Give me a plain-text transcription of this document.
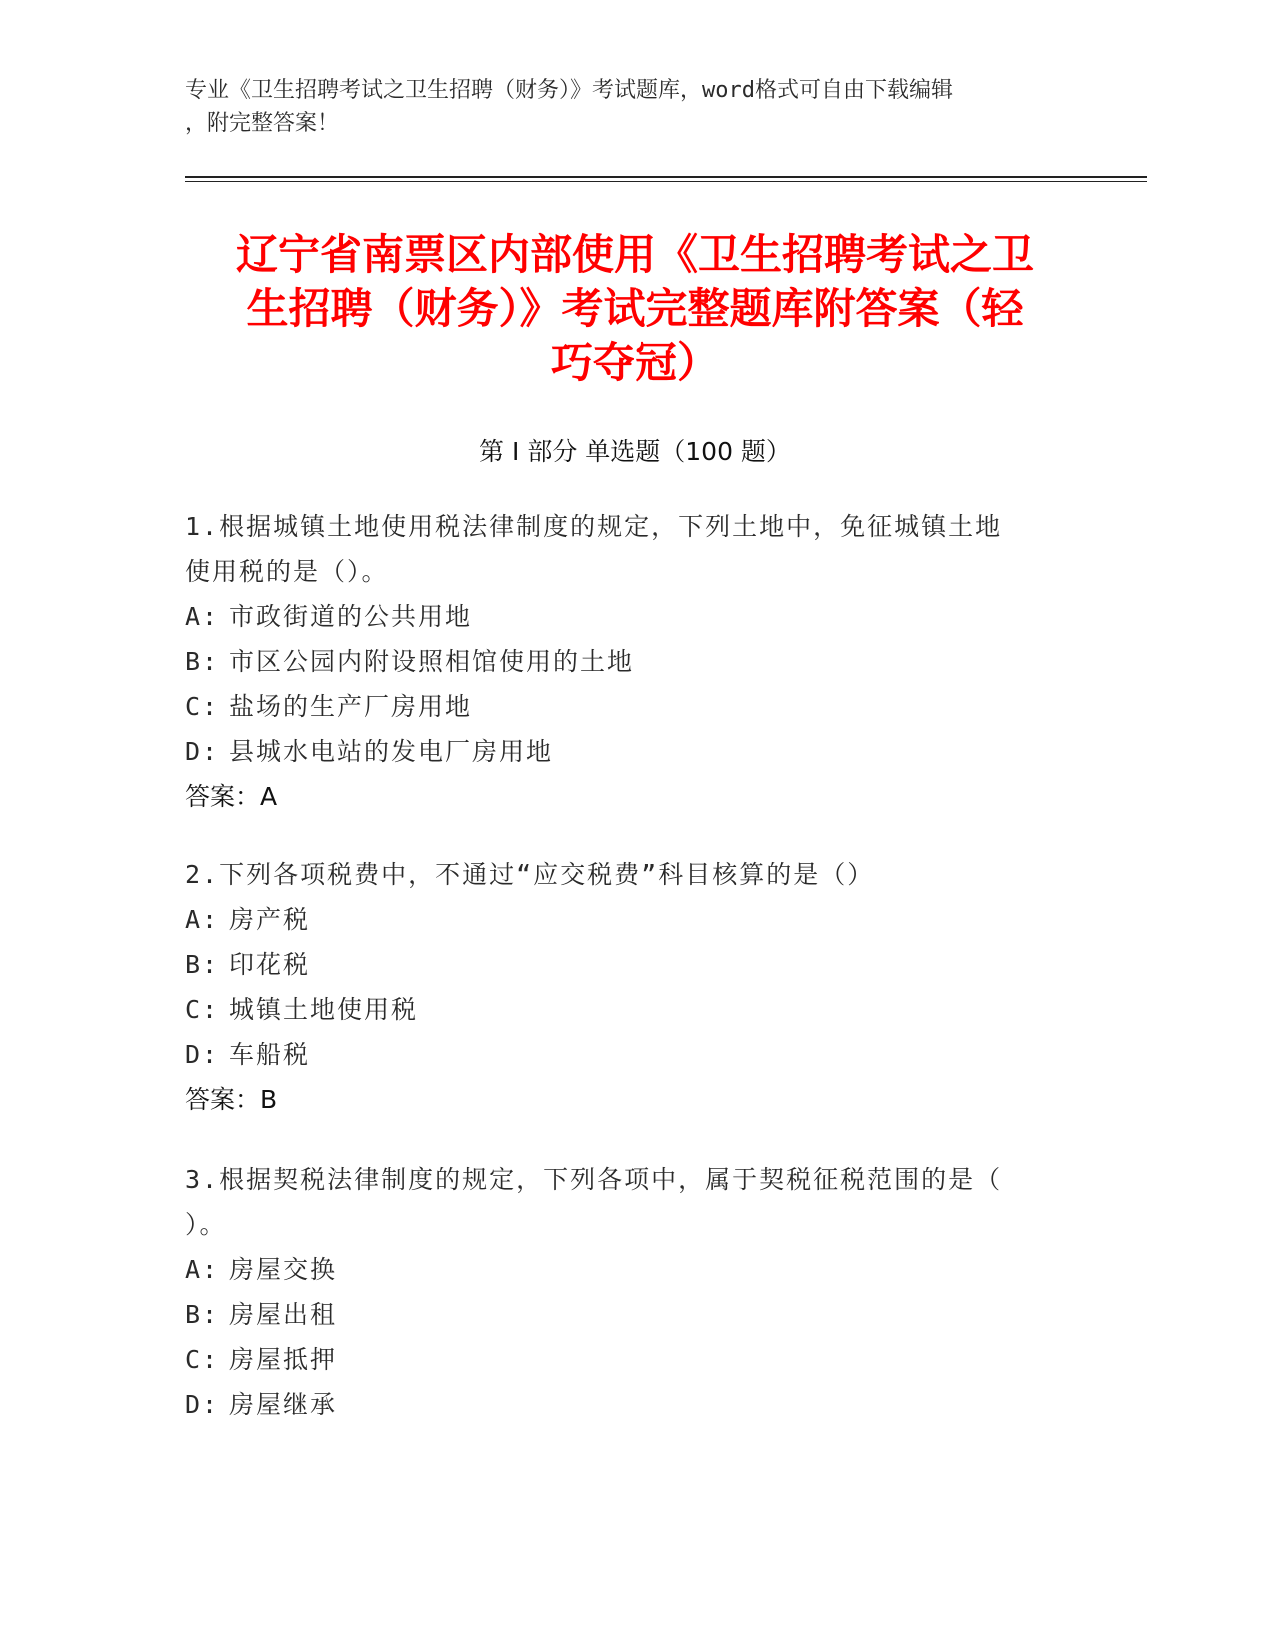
专业《卫生招聘考试之卫生招聘（财务）》考试题库，word格式可自由下载编辑
，附完整答案！
辽宁省南票区内部使用《卫生招聘考试之卫
生招聘（财务）》考试完整题库附答案（轻
巧夺冠）
第 I 部分 单选题（100 题）
1.根据城镇土地使用税法律制度的规定，下列土地中，免征城镇土地
使用税的是（）。
A: 市政街道的公共用地
B: 市区公园内附设照相馆使用的土地
C: 盐场的生产厂房用地
D: 县城水电站的发电厂房用地
答案：A
2.下列各项税费中，不通过“应交税费”科目核算的是（）
A: 房产税
B: 印花税
C: 城镇土地使用税
D: 车船税
答案：B
3.根据契税法律制度的规定，下列各项中，属于契税征税范围的是（
）。
A: 房屋交换
B: 房屋出租
C: 房屋抵押
D: 房屋继承
